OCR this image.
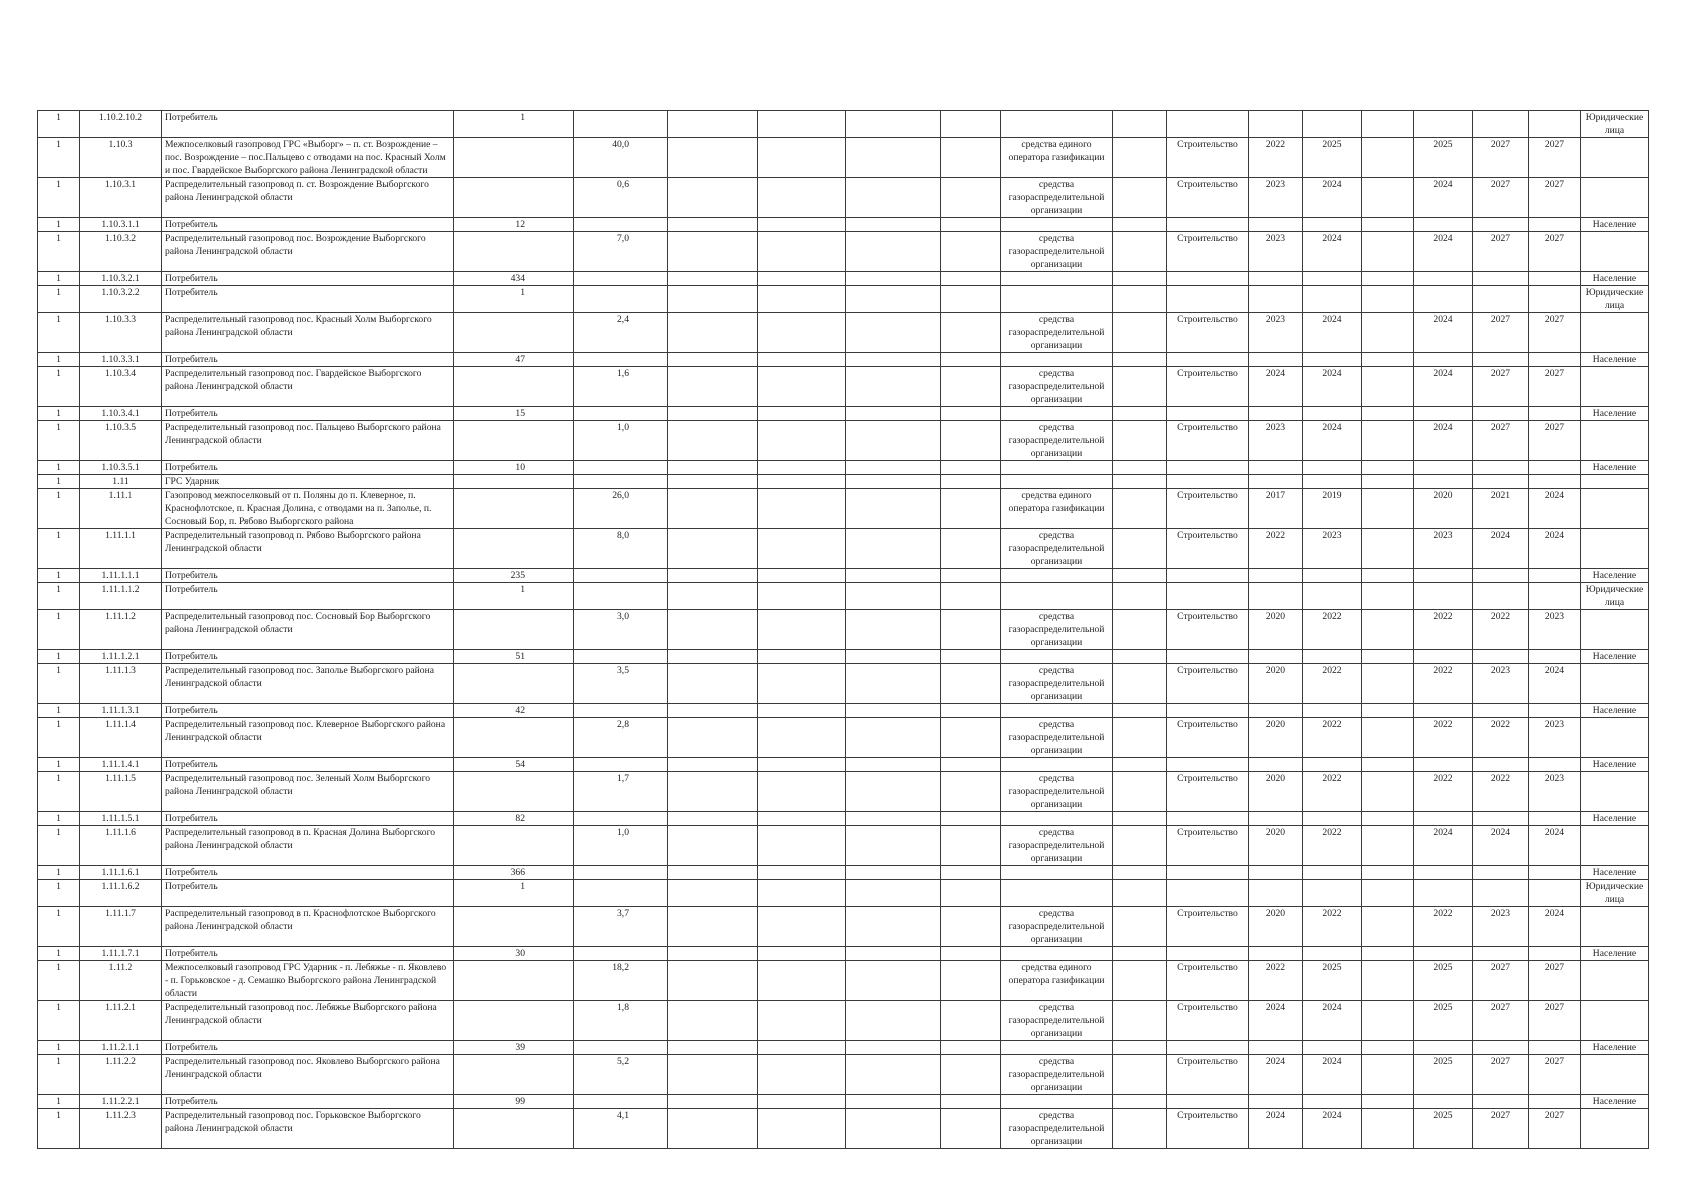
1	1.10.2.10.2	Потребитель	1															Юридические лица
1	1.10.3	Межпоселковый газопровод ГРС «Выборг» – п. ст. Возрождение – пос. Возрождение – пос.Пальцево с отводами на пос. Красный Холм и пос. Гвардейское Выборгского района Ленинградской области		40,0					средства единого оператора газификации		Строительство	2022	2025		2025	2027	2027	
1	1.10.3.1	Распределительный газопровод п. ст. Возрождение Выборгского района Ленинградской области		0,6					средства газораспределительной организации		Строительство	2023	2024		2024	2027	2027	
1	1.10.3.1.1	Потребитель	12															Население
1	1.10.3.2	Распределительный газопровод пос. Возрождение Выборгского района Ленинградской области		7,0					средства газораспределительной организации		Строительство	2023	2024		2024	2027	2027	
1	1.10.3.2.1	Потребитель	434															Население
1	1.10.3.2.2	Потребитель	1															Юридические лица
1	1.10.3.3	Распределительный газопровод пос. Красный Холм Выборгского района Ленинградской области		2,4					средства газораспределительной организации		Строительство	2023	2024		2024	2027	2027	
1	1.10.3.3.1	Потребитель	47															Население
1	1.10.3.4	Распределительный газопровод пос. Гвардейское Выборгского района Ленинградской области		1,6					средства газораспределительной организации		Строительство	2024	2024		2024	2027	2027	
1	1.10.3.4.1	Потребитель	15															Население
1	1.10.3.5	Распределительный газопровод пос. Пальцево Выборгского района Ленинградской области		1,0					средства газораспределительной организации		Строительство	2023	2024		2024	2027	2027	
1	1.10.3.5.1	Потребитель	10															Население
1	1.11	ГРС Ударник																
1	1.11.1	Газопровод межпоселковый от п. Поляны до п. Клеверное, п. Краснофлотское, п. Красная Долина, с отводами на п. Заполье, п. Сосновый Бор, п. Рябово Выборгского района		26,0					средства единого оператора газификации		Строительство	2017	2019		2020	2021	2024	
1	1.11.1.1	Распределительный газопровод п. Рябово Выборгского района Ленинградской области		8,0					средства газораспределительной организации		Строительство	2022	2023		2023	2024	2024	
1	1.11.1.1.1	Потребитель	235															Население
1	1.11.1.1.2	Потребитель	1															Юридические лица
1	1.11.1.2	Распределительный газопровод пос. Сосновый Бор Выборгского района Ленинградской области		3,0					средства газораспределительной организации		Строительство	2020	2022		2022	2022	2023	
1	1.11.1.2.1	Потребитель	51															Население
1	1.11.1.3	Распределительный газопровод пос. Заполье Выборгского района Ленинградской области		3,5					средства газораспределительной организации		Строительство	2020	2022		2022	2023	2024	
1	1.11.1.3.1	Потребитель	42															Население
1	1.11.1.4	Распределительный газопровод пос. Клеверное Выборгского района Ленинградской области		2,8					средства газораспределительной организации		Строительство	2020	2022		2022	2022	2023	
1	1.11.1.4.1	Потребитель	54															Население
1	1.11.1.5	Распределительный газопровод пос. Зеленый Холм Выборгского района Ленинградской области		1,7					средства газораспределительной организации		Строительство	2020	2022		2022	2022	2023	
1	1.11.1.5.1	Потребитель	82															Население
1	1.11.1.6	Распределительный газопровод в п. Красная Долина Выборгского района Ленинградской области		1,0					средства газораспределительной организации		Строительство	2020	2022		2024	2024	2024	
1	1.11.1.6.1	Потребитель	366															Население
1	1.11.1.6.2	Потребитель	1															Юридические лица
1	1.11.1.7	Распределительный газопровод в п. Краснофлотское Выборгского района Ленинградской области		3,7					средства газораспределительной организации		Строительство	2020	2022		2022	2023	2024	
1	1.11.1.7.1	Потребитель	30															Население
1	1.11.2	Межпоселковый газопровод ГРС Ударник - п. Лебяжье - п. Яковлево - п. Горьковское - д. Семашко Выборгского района Ленинградской области		18,2					средства единого оператора газификации		Строительство	2022	2025		2025	2027	2027	
1	1.11.2.1	Распределительный газопровод пос. Лебяжье Выборгского района Ленинградской области		1,8					средства газораспределительной организации		Строительство	2024	2024		2025	2027	2027	
1	1.11.2.1.1	Потребитель	39															Население
1	1.11.2.2	Распределительный газопровод пос. Яковлево Выборгского района Ленинградской области		5,2					средства газораспределительной организации		Строительство	2024	2024		2025	2027	2027	
1	1.11.2.2.1	Потребитель	99															Население
1	1.11.2.3	Распределительный газопровод пос. Горьковское Выборгского района Ленинградской области		4,1					средства газораспределительной организации		Строительство	2024	2024		2025	2027	2027	
